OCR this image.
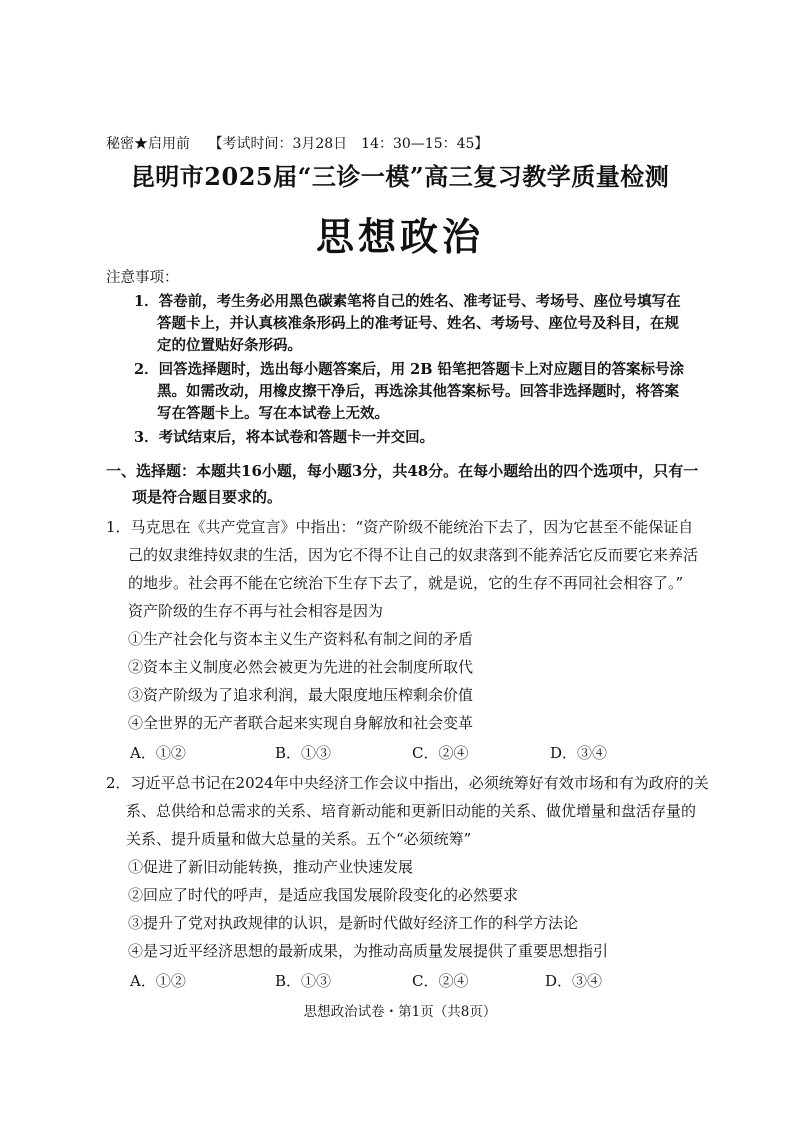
秘密★启用前 【考试时间：3月28日　14：30—15：45】
昆明市2025届“三诊一模”高三复习教学质量检测
思想政治
注意事项：
1．答卷前，考生务必用黑色碳素笔将自己的姓名、准考证号、考场号、座位号填写在
答题卡上，并认真核准条形码上的准考证号、姓名、考场号、座位号及科目，在规
定的位置贴好条形码。
2．回答选择题时，选出每小题答案后，用 2B 铅笔把答题卡上对应题目的答案标号涂
黑。如需改动，用橡皮擦干净后，再选涂其他答案标号。回答非选择题时，将答案
写在答题卡上。写在本试卷上无效。
3．考试结束后，将本试卷和答题卡一并交回。
一、选择题：本题共16小题，每小题3分，共48分。在每小题给出的四个选项中，只有一
项是符合题目要求的。
1．马克思在《共产党宣言》中指出：“资产阶级不能统治下去了，因为它甚至不能保证自
己的奴隶维持奴隶的生活，因为它不得不让自己的奴隶落到不能养活它反而要它来养活
的地步。社会再不能在它统治下生存下去了，就是说，它的生存不再同社会相容了。”
资产阶级的生存不再与社会相容是因为
①生产社会化与资本主义生产资料私有制之间的矛盾
②资本主义制度必然会被更为先进的社会制度所取代
③资产阶级为了追求利润，最大限度地压榨剩余价值
④全世界的无产者联合起来实现自身解放和社会变革
A．①②	B．①③	C．②④	D．③④
2．习近平总书记在2024年中央经济工作会议中指出，必须统筹好有效市场和有为政府的关
系、总供给和总需求的关系、培育新动能和更新旧动能的关系、做优增量和盘活存量的
关系、提升质量和做大总量的关系。五个“必须统筹”
①促进了新旧动能转换，推动产业快速发展
②回应了时代的呼声，是适应我国发展阶段变化的必然要求
③提升了党对执政规律的认识，是新时代做好经济工作的科学方法论
④是习近平经济思想的最新成果，为推动高质量发展提供了重要思想指引
A．①②	B．①③	C．②④	D．③④
思想政治试卷・第1页（共8页）
